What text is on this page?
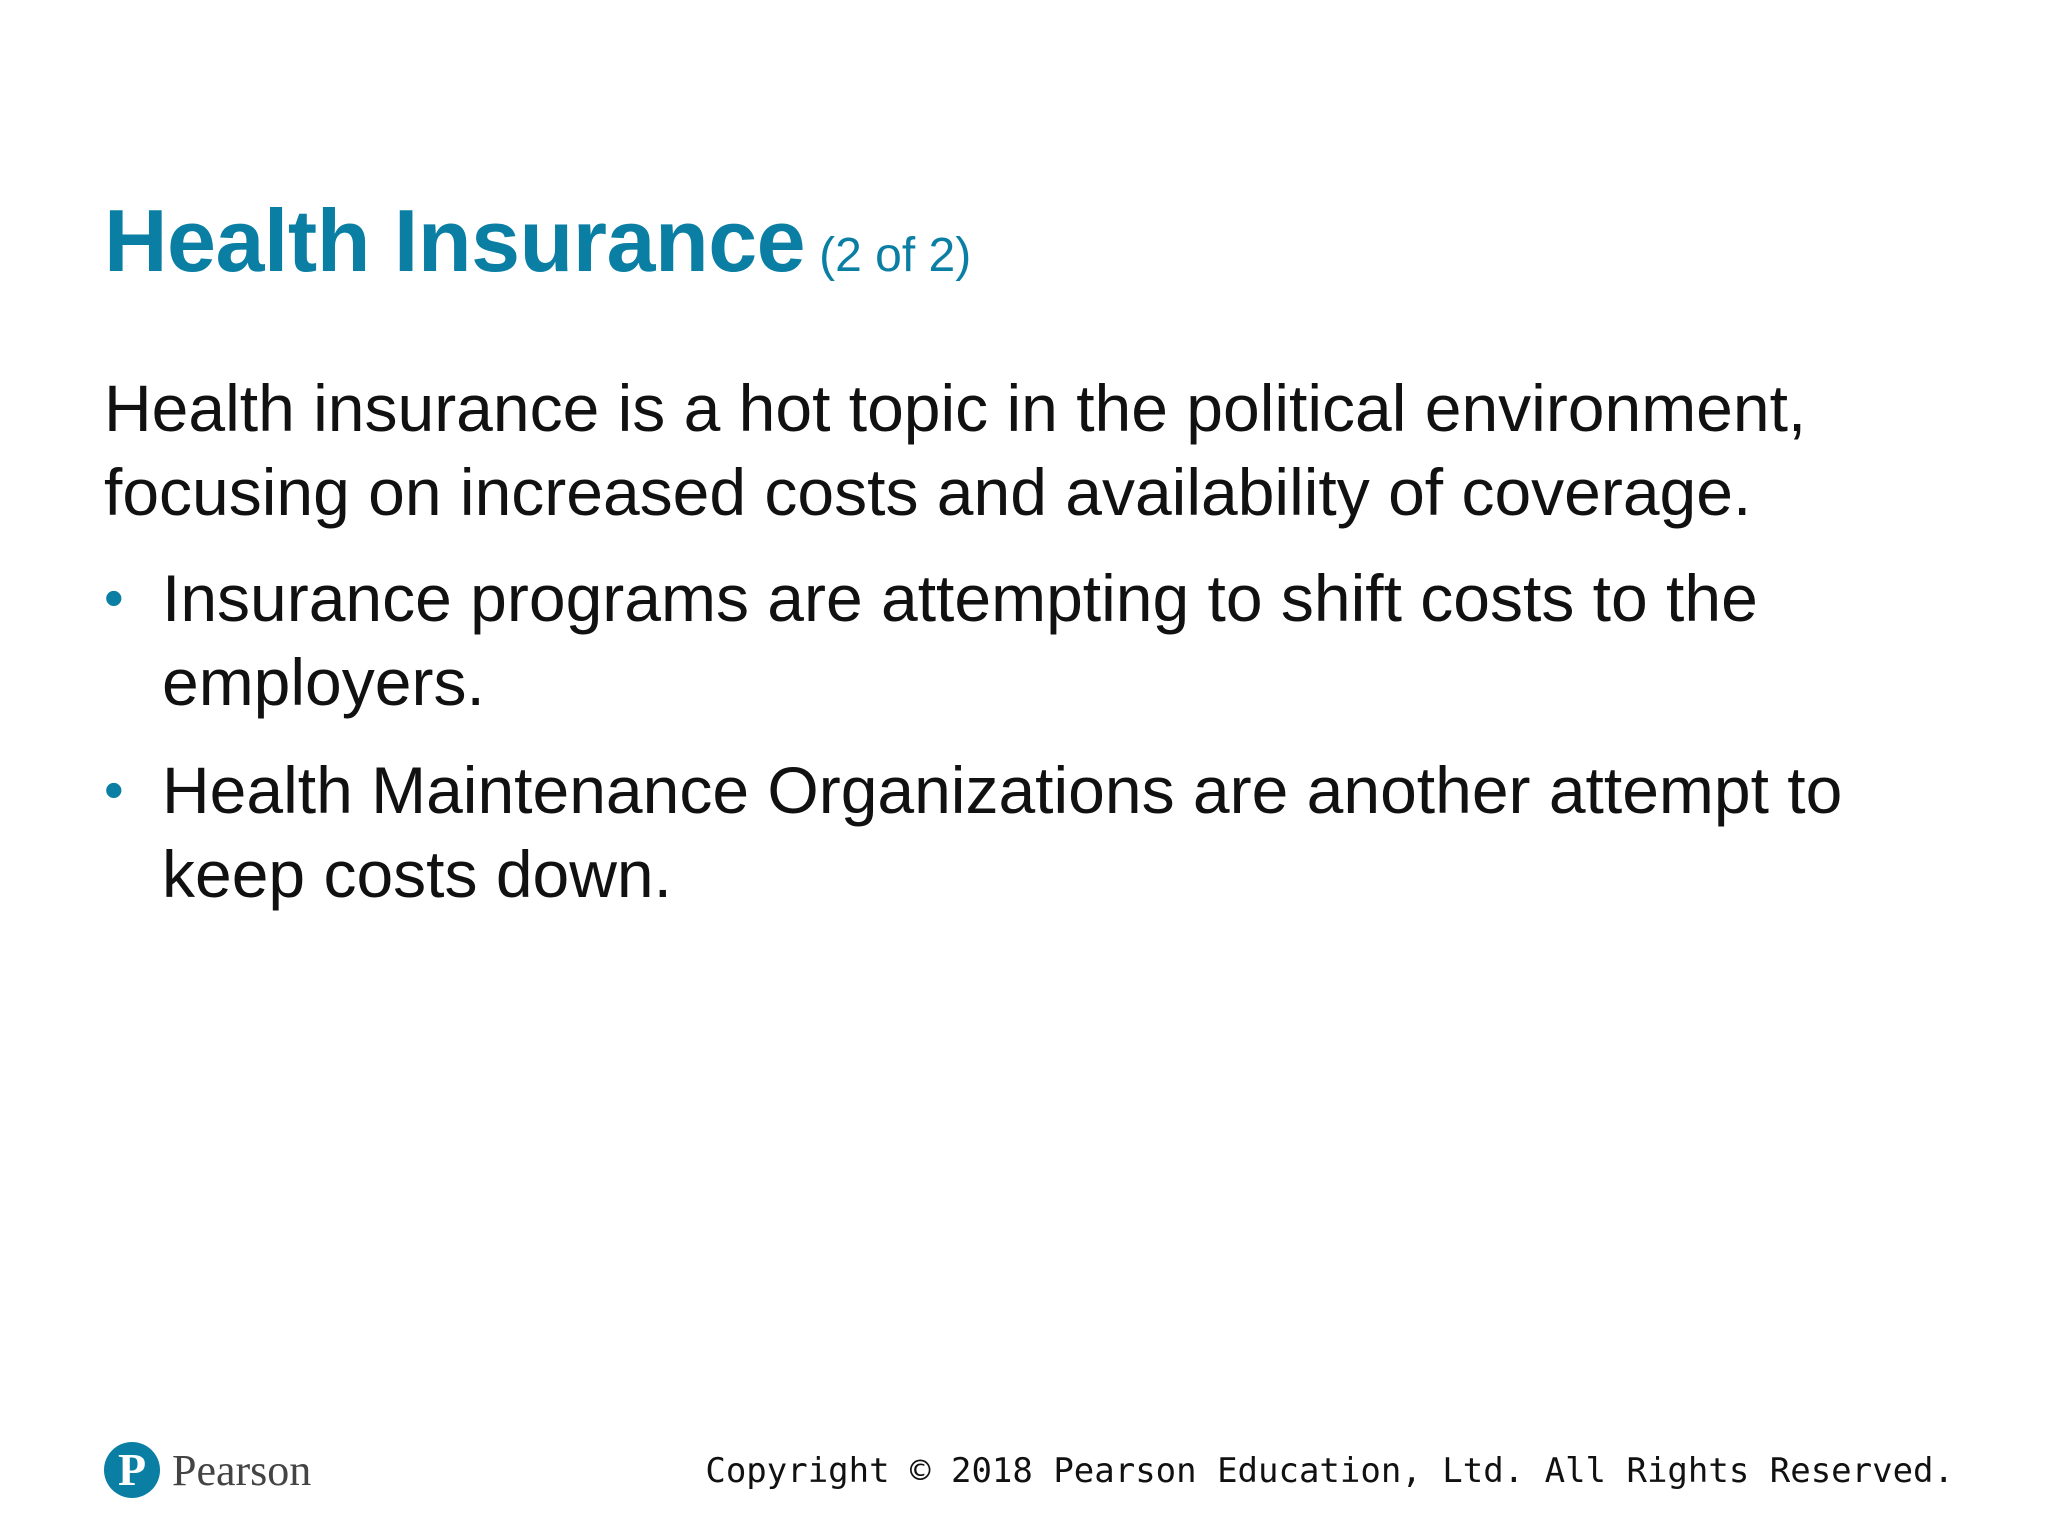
Health Insurance (2 of 2)

Health insurance is a hot topic in the political environment, focusing on increased costs and availability of coverage.

• Insurance programs are attempting to shift costs to the employers.
• Health Maintenance Organizations are another attempt to keep costs down.
P Pearson	Copyright © 2018 Pearson Education, Ltd. All Rights Reserved.
